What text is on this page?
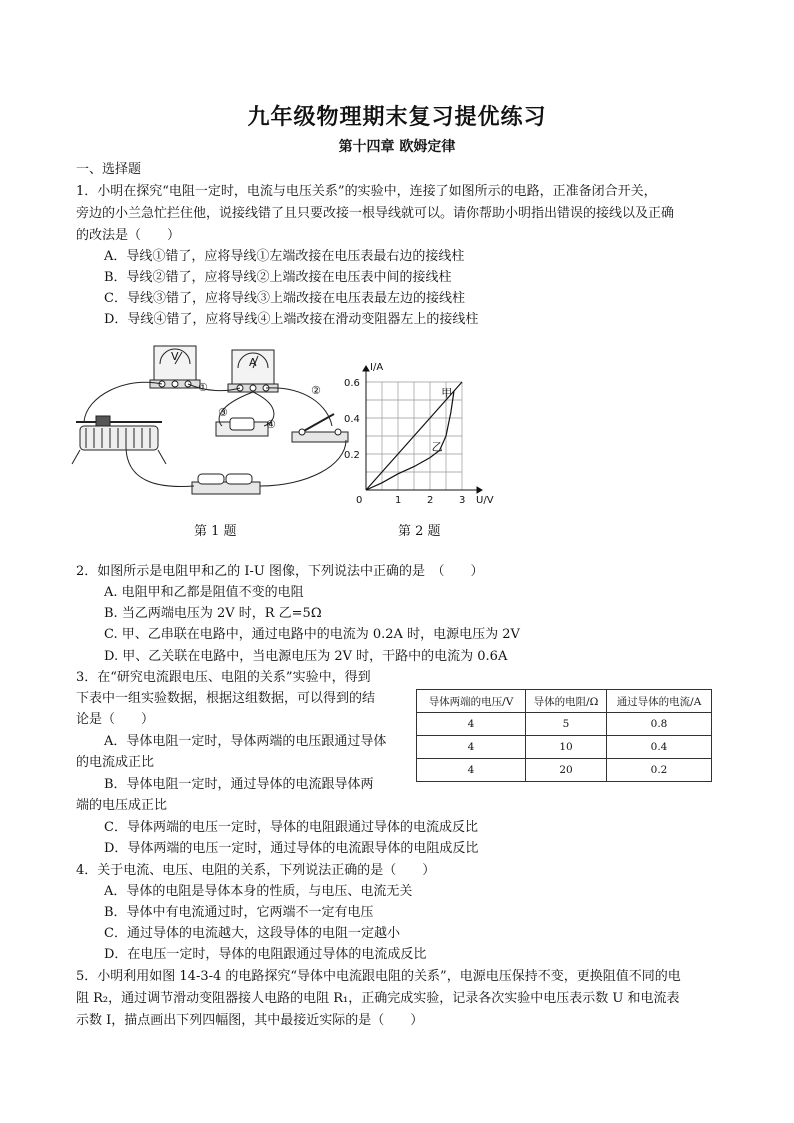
九年级物理期末复习提优练习
第十四章 欧姆定律
一、选择题
1．小明在探究“电阻一定时，电流与电压关系”的实验中，连接了如图所示的电路，正准备闭合开关，
旁边的小兰急忙拦住他，说接线错了且只要改接一根导线就可以。请你帮助小明指出错误的接线以及正确
的改法是（　　）
A．导线①错了，应将导线①左端改接在电压表最右边的接线柱
B．导线②错了，应将导线②上端改接在电压表中间的接线柱
C．导线③错了，应将导线③上端改接在电压表最左边的接线柱
D．导线④错了，应将导线④上端改接在滑动变阻器左上的接线柱
V	A
①	②
③
④
第 1 题
1	2	3
0.2
0.4
0.6
0
I/A
U/V
甲
乙
第 2 题
2．如图所示是电阻甲和乙的 I-U 图像，下列说法中正确的是　（　　）
A. 电阻甲和乙都是阻值不变的电阻
B. 当乙两端电压为 2V 时，R 乙=5Ω
C. 甲、乙串联在电路中，通过电路中的电流为 0.2A 时，电源电压为 2V
D. 甲、乙关联在电路中，当电源电压为 2V 时，干路中的电流为 0.6A
3．在“研究电流跟电压、电阻的关系”实验中，得到
下表中一组实验数据，根据这组数据，可以得到的结
论是（　　）
A．导体电阻一定时，导体两端的电压跟通过导体
的电流成正比
B．导体电阻一定时，通过导体的电流跟导体两
端的电压成正比
C．导体两端的电压一定时，导体的电阻跟通过导体的电流成反比
D．导体两端的电压一定时，通过导体的电流跟导体的电阻成反比
导体两端的电压/V	导体的电阻/Ω	通过导体的电流/A
4	5	0.8
4	10	0.4
4	20	0.2
4．关于电流、电压、电阻的关系，下列说法正确的是（　　）
A．导体的电阻是导体本身的性质，与电压、电流无关
B．导体中有电流通过时，它两端不一定有电压
C．通过导体的电流越大，这段导体的电阻一定越小
D．在电压一定时，导体的电阻跟通过导体的电流成反比
5．小明利用如图 14-3-4 的电路探究“导体中电流跟电阻的关系”，电源电压保持不变，更换阻值不同的电
阻 R₂，通过调节滑动变阻器接人电路的电阻 R₁，正确完成实验，记录各次实验中电压表示数 U 和电流表
示数 I，描点画出下列四幅图，其中最接近实际的是（　　）
